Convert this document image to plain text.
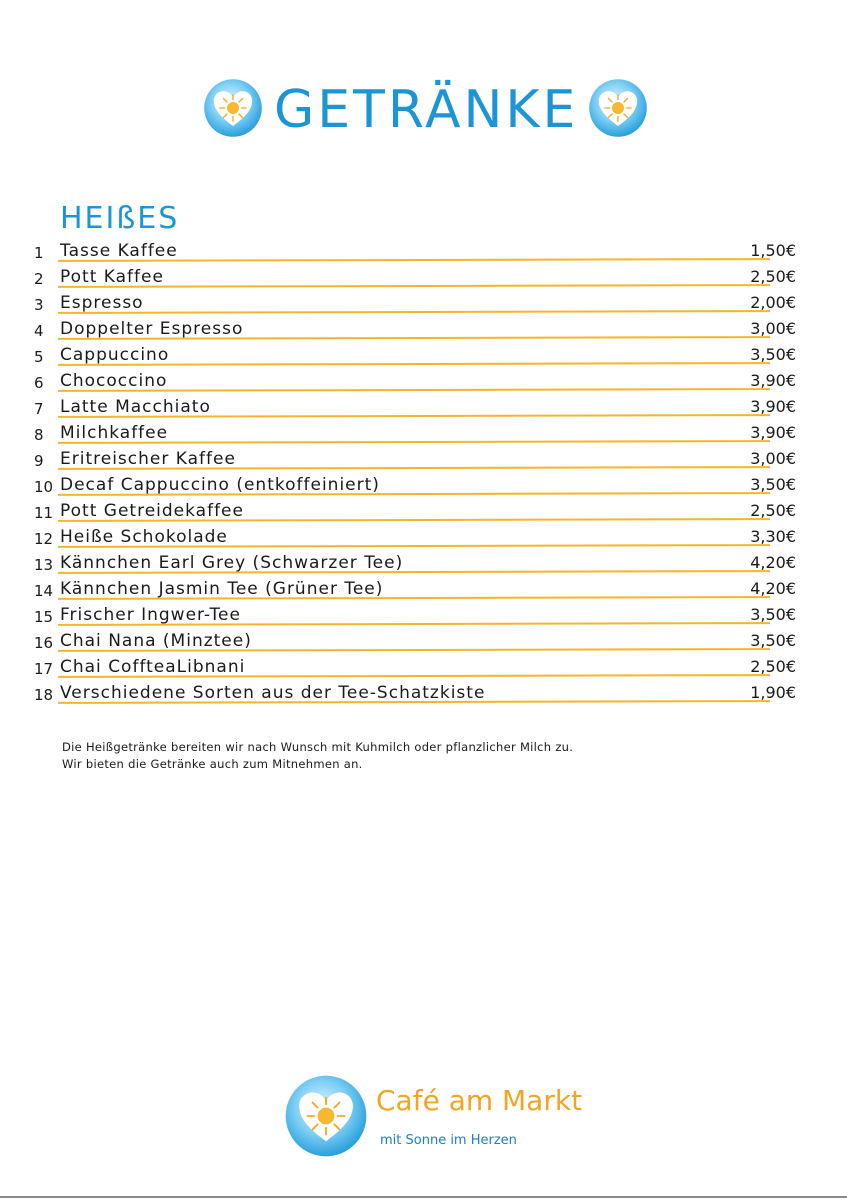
GETRÄNKE
HEIßES
1 Tasse Kaffee	1,50€
2 Pott Kaffee	2,50€
3 Espresso	2,00€
4 Doppelter Espresso	3,00€
5 Cappuccino	3,50€
6 Chococcino	3,90€
7 Latte Macchiato	3,90€
8 Milchkaffee	3,90€
9 Eritreischer Kaffee	3,00€
10 Decaf Cappuccino (entkoffeiniert)	3,50€
11 Pott Getreidekaffee	2,50€
12 Heiße Schokolade	3,30€
13 Kännchen Earl Grey (Schwarzer Tee)	4,20€
14 Kännchen Jasmin Tee (Grüner Tee)	4,20€
15 Frischer Ingwer-Tee	3,50€
16 Chai Nana (Minztee)	3,50€
17 Chai CoffteaLibnani	2,50€
18 Verschiedene Sorten aus der Tee-Schatzkiste	1,90€
Die Heißgetränke bereiten wir nach Wunsch mit Kuhmilch oder pflanzlicher Milch zu.
Wir bieten die Getränke auch zum Mitnehmen an.
Café am Markt
mit Sonne im Herzen
